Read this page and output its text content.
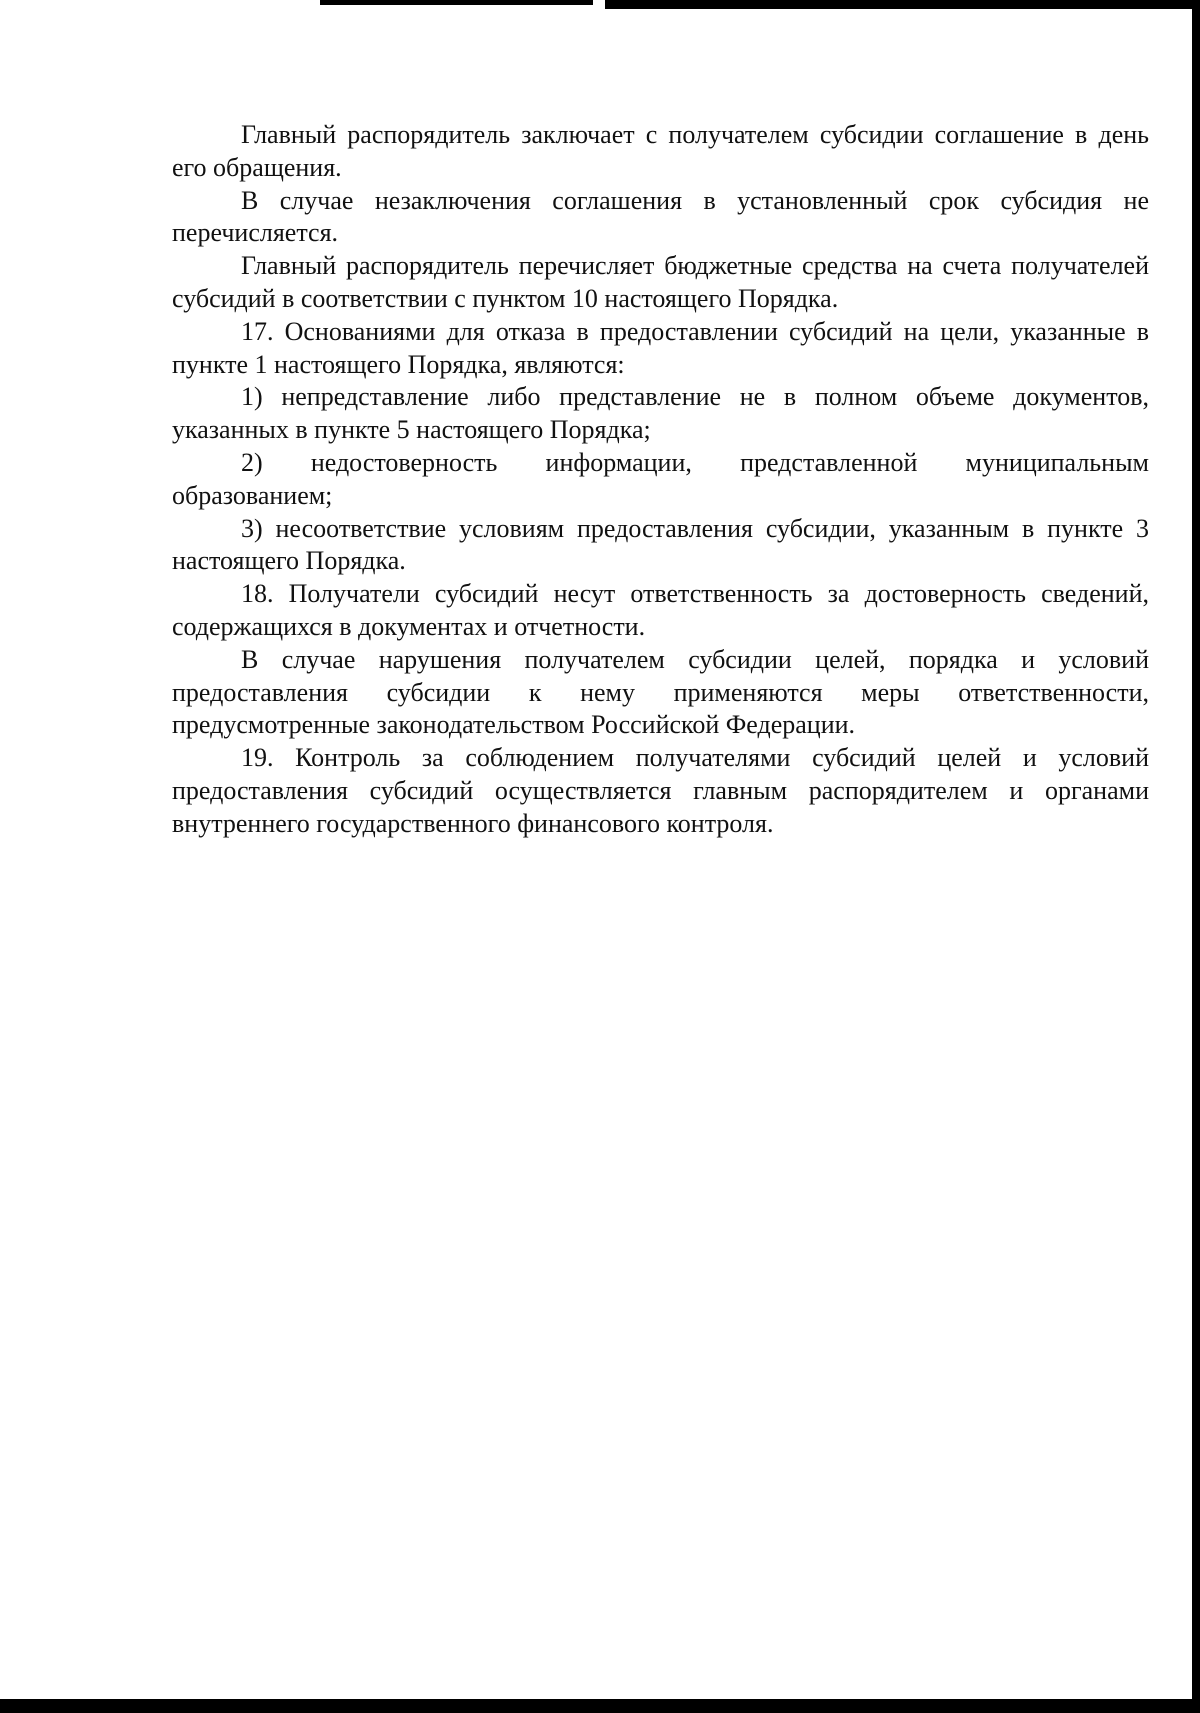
Главный распорядитель заключает с получателем субсидии соглашение в день его обращения.

В случае незаключения соглашения в установленный срок субсидия не перечисляется.

Главный распорядитель перечисляет бюджетные средства на счета получателей субсидий в соответствии с пунктом 10 настоящего Порядка.

17. Основаниями для отказа в предоставлении субсидий на цели, указанные в пункте 1 настоящего Порядка, являются:

1) непредставление либо представление не в полном объеме документов, указанных в пункте 5 настоящего Порядка;

2) недостоверность информации, представленной муниципальным образованием;

3) несоответствие условиям предоставления субсидии, указанным в пункте 3 настоящего Порядка.

18. Получатели субсидий несут ответственность за достоверность сведений, содержащихся в документах и отчетности.

В случае нарушения получателем субсидии целей, порядка и условий предоставления субсидии к нему применяются меры ответственности, предусмотренные законодательством Российской Федерации.

19. Контроль за соблюдением получателями субсидий целей и условий предоставления субсидий осуществляется главным распорядителем и органами внутреннего государственного финансового контроля.
